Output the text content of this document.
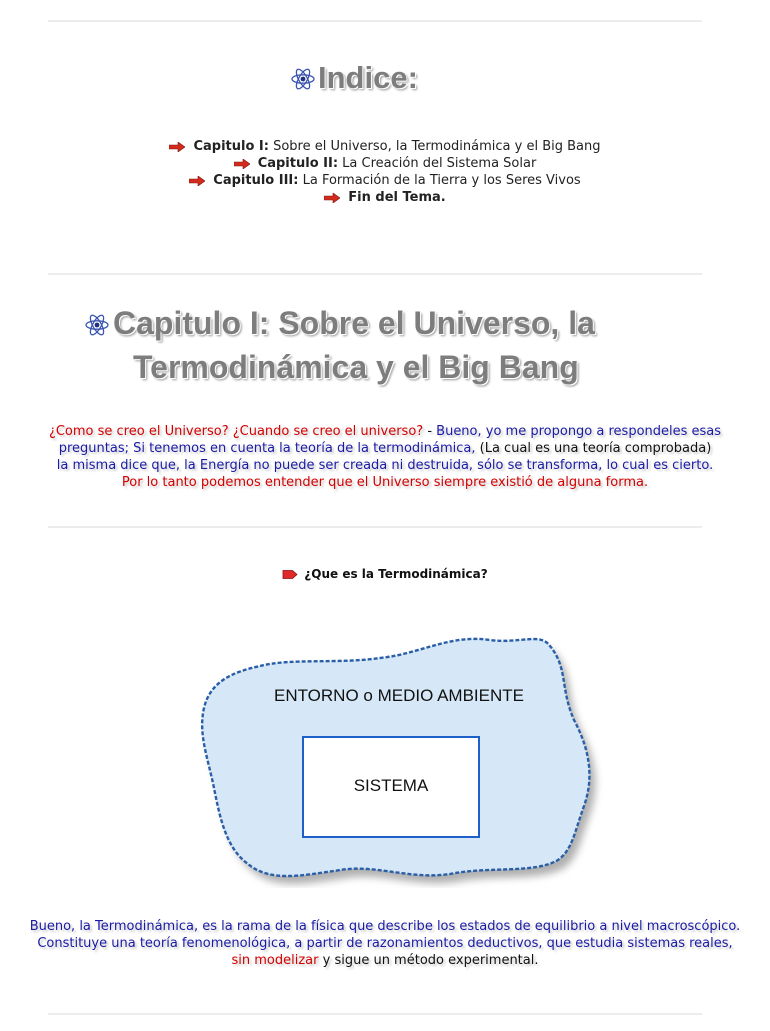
Indice:
Capitulo I: Sobre el Universo, la Termodinámica y el Big Bang
Capitulo II: La Creación del Sistema Solar
Capitulo III: La Formación de la Tierra y los Seres Vivos
Fin del Tema.
Capitulo I: Sobre el Universo, la
Termodinámica y el Big Bang
¿Como se creo el Universo? ¿Cuando se creo el universo? - Bueno, yo me propongo a respondeles esas
preguntas; Si tenemos en cuenta la teoría de la termodinámica, (La cual es una teoría comprobada)
la misma dice que, la Energía no puede ser creada ni destruida, sólo se transforma, lo cual es cierto.
Por lo tanto podemos entender que el Universo siempre existió de alguna forma.
¿Que es la Termodinámica?
ENTORNO o MEDIO AMBIENTE
SISTEMA
Bueno, la Termodinámica, es la rama de la física que describe los estados de equilibrio a nivel macroscópico.
Constituye una teoría fenomenológica, a partir de razonamientos deductivos, que estudia sistemas reales,
sin modelizar y sigue un método experimental.
